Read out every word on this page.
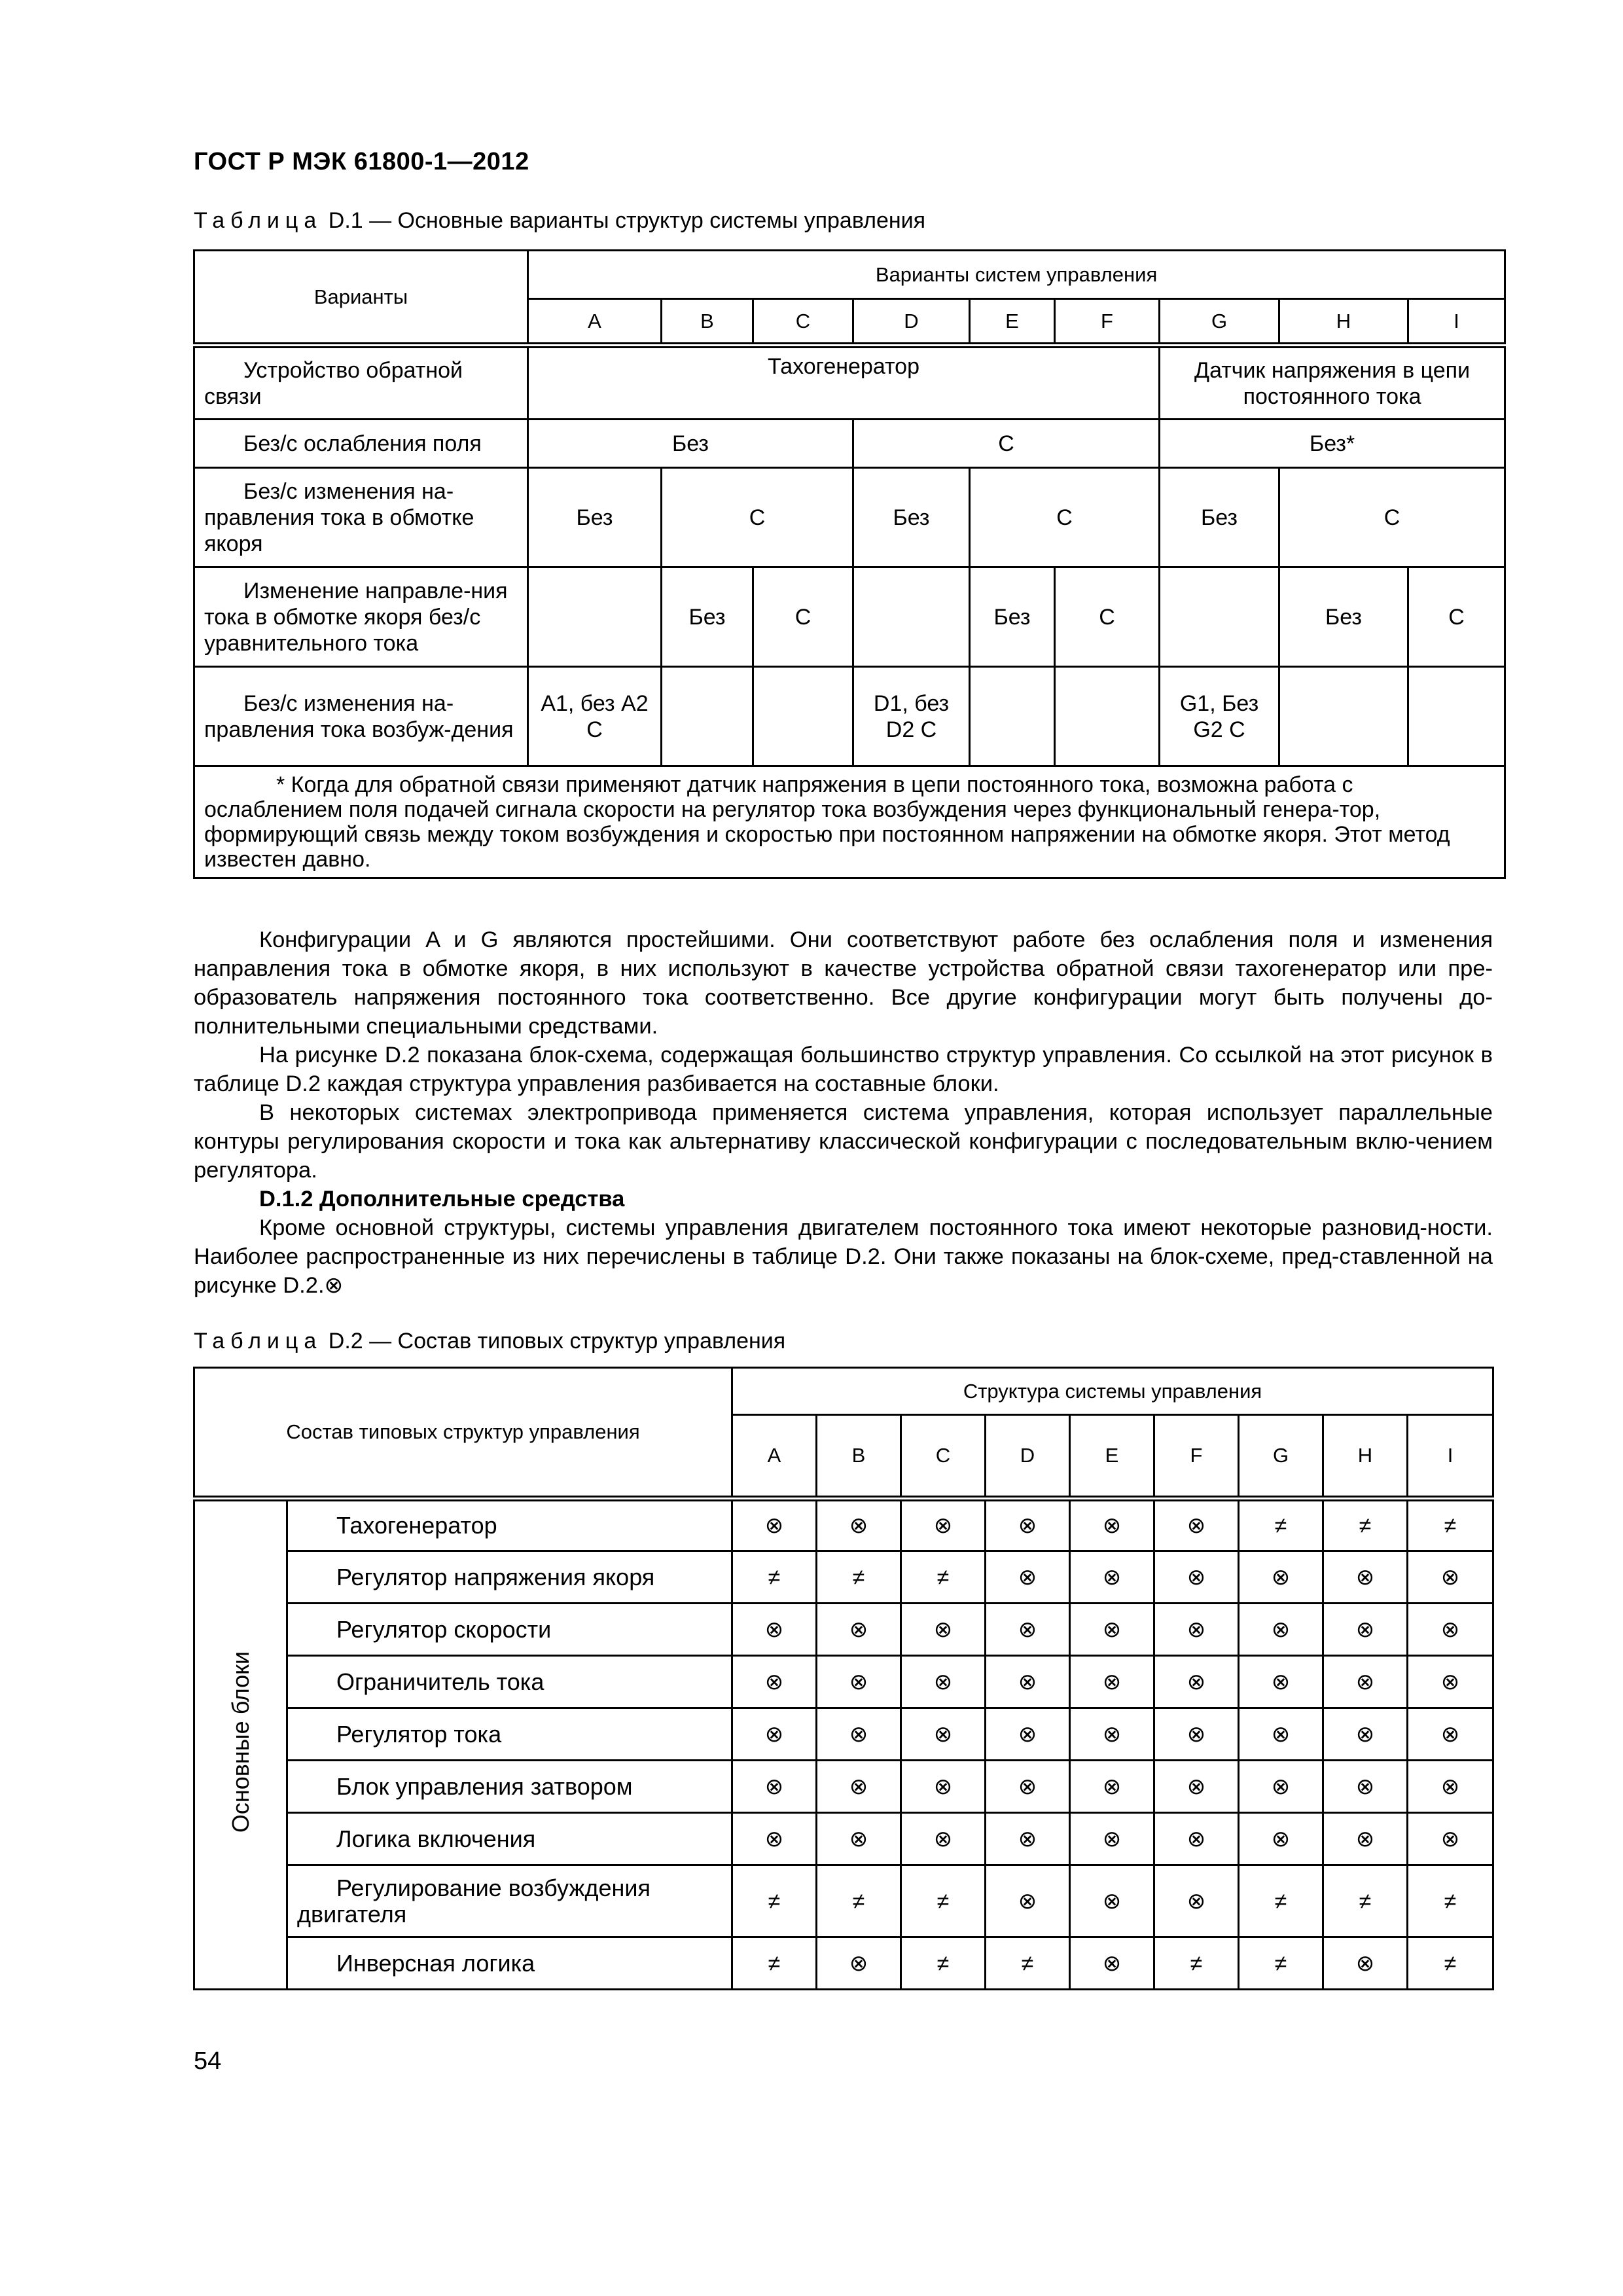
ГОСТ Р МЭК 61800-1—2012
Таблица D.1 — Основные варианты структур системы управления
Варианты	Варианты систем управления								
	A	B	C	D	E	F	G	H	I
Устройство обратной связи	Тахогенератор						Датчик напряжения в цепи постоянного тока		
Без/с ослабления поля	Без			С			Без*		
Без/с изменения на-правления тока в обмотке якоря	Без	С		Без	С		Без	С	
Изменение направле-ния тока в обмотке якоря без/с уравнительного тока		Без	С		Без	С		Без	С
Без/с изменения на-правления тока возбуж-дения	A1, без A2 С			D1, без D2 С			G1, Без G2 С		
* Когда для обратной связи применяют датчик напряжения в цепи постоянного тока, возможна работа с ослаблением поля подачей сигнала скорости на регулятор тока возбуждения через функциональный генера-тор, формирующий связь между током возбуждения и скоростью при постоянном напряжении на обмотке якоря. Этот метод известен давно.									

Конфигурации A и G являются простейшими. Они соответствуют работе без ослабления поля и изменения направления тока в обмотке якоря, в них используют в качестве устройства обратной связи тахогенератор или пре-образователь напряжения постоянного тока соответственно. Все другие конфигурации могут быть получены до-полнительными специальными средствами.

На рисунке D.2 показана блок-схема, содержащая большинство структур управления. Со ссылкой на этот рисунок в таблице D.2 каждая структура управления разбивается на составные блоки.

В некоторых системах электропривода применяется система управления, которая использует параллельные контуры регулирования скорости и тока как альтернативу классической конфигурации с последовательным вклю-чением регулятора.

D.1.2 Дополнительные средства

Кроме основной структуры, системы управления двигателем постоянного тока имеют некоторые разновид-ности. Наиболее распространенные из них перечислены в таблице D.2. Они также показаны на блок-схеме, пред-ставленной на рисунке D.2.⊗

Таблица D.2 — Состав типовых структур управления
Состав типовых структур управления		Структура системы управления								
		A	B	C	D	E	F	G	H	I
Основные блоки	Тахогенератор	⊗	⊗	⊗	⊗	⊗	⊗	≠	≠	≠
	Регулятор напряжения якоря	≠	≠	≠	⊗	⊗	⊗	⊗	⊗	⊗
	Регулятор скорости	⊗	⊗	⊗	⊗	⊗	⊗	⊗	⊗	⊗
	Ограничитель тока	⊗	⊗	⊗	⊗	⊗	⊗	⊗	⊗	⊗
	Регулятор тока	⊗	⊗	⊗	⊗	⊗	⊗	⊗	⊗	⊗
	Блок управления затвором	⊗	⊗	⊗	⊗	⊗	⊗	⊗	⊗	⊗
	Логика включения	⊗	⊗	⊗	⊗	⊗	⊗	⊗	⊗	⊗
	Регулирование возбуждения двигателя	≠	≠	≠	⊗	⊗	⊗	≠	≠	≠
	Инверсная логика	≠	⊗	≠	≠	⊗	≠	≠	⊗	≠
54
